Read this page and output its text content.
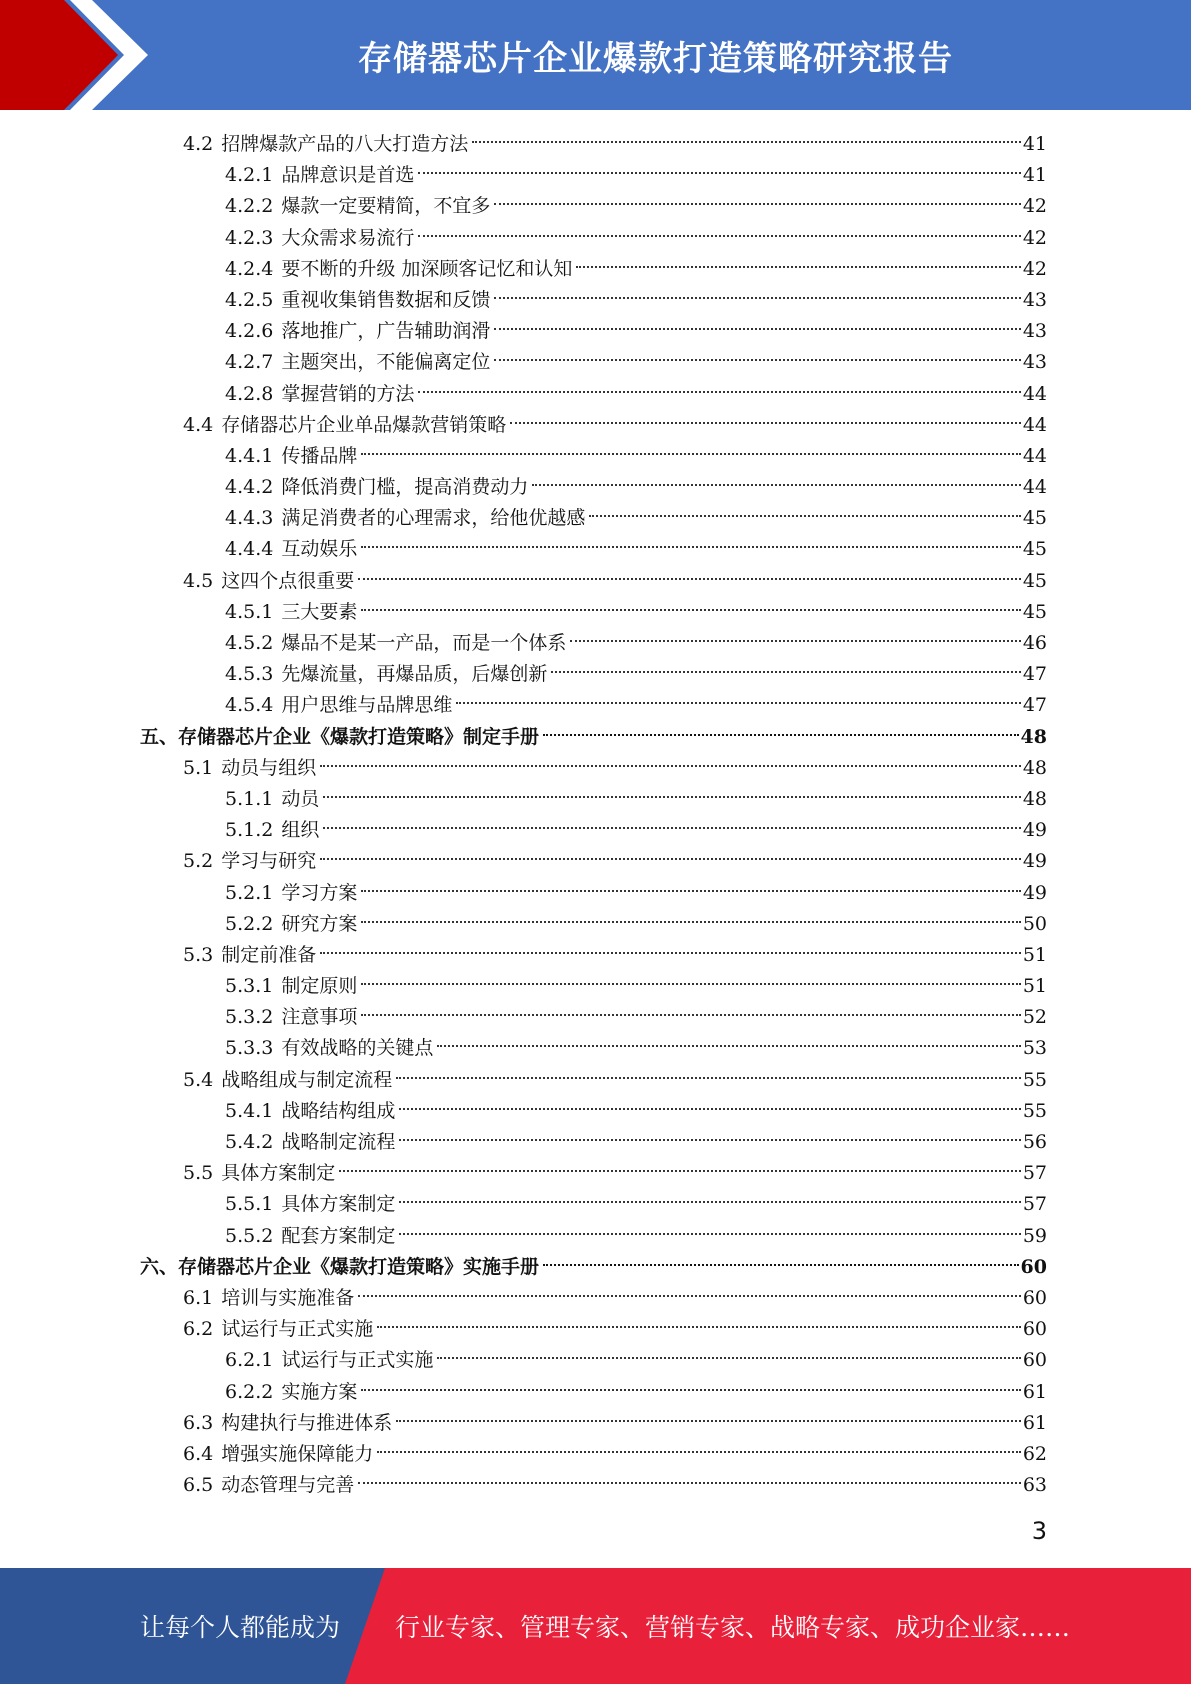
存储器芯片企业爆款打造策略研究报告
4.2 招牌爆款产品的八大打造方法	41
4.2.1 品牌意识是首选	41
4.2.2 爆款一定要精简，不宜多	42
4.2.3 大众需求易流行	42
4.2.4 要不断的升级 加深顾客记忆和认知	42
4.2.5 重视收集销售数据和反馈	43
4.2.6 落地推广，广告辅助润滑	43
4.2.7 主题突出，不能偏离定位	43
4.2.8 掌握营销的方法	44
4.4 存储器芯片企业单品爆款营销策略	44
4.4.1 传播品牌	44
4.4.2 降低消费门槛，提高消费动力	44
4.4.3 满足消费者的心理需求，给他优越感	45
4.4.4 互动娱乐	45
4.5 这四个点很重要	45
4.5.1 三大要素	45
4.5.2 爆品不是某一产品，而是一个体系	46
4.5.3 先爆流量，再爆品质，后爆创新	47
4.5.4 用户思维与品牌思维	47
五、存储器芯片企业《爆款打造策略》制定手册	48
5.1 动员与组织	48
5.1.1 动员	48
5.1.2 组织	49
5.2 学习与研究	49
5.2.1 学习方案	49
5.2.2 研究方案	50
5.3 制定前准备	51
5.3.1 制定原则	51
5.3.2 注意事项	52
5.3.3 有效战略的关键点	53
5.4 战略组成与制定流程	55
5.4.1 战略结构组成	55
5.4.2 战略制定流程	56
5.5 具体方案制定	57
5.5.1 具体方案制定	57
5.5.2 配套方案制定	59
六、存储器芯片企业《爆款打造策略》实施手册	60
6.1 培训与实施准备	60
6.2 试运行与正式实施	60
6.2.1 试运行与正式实施	60
6.2.2 实施方案	61
6.3 构建执行与推进体系	61
6.4 增强实施保障能力	62
6.5 动态管理与完善	63
3
让每个人都能成为 行业专家、管理专家、营销专家、战略专家、成功企业家……
